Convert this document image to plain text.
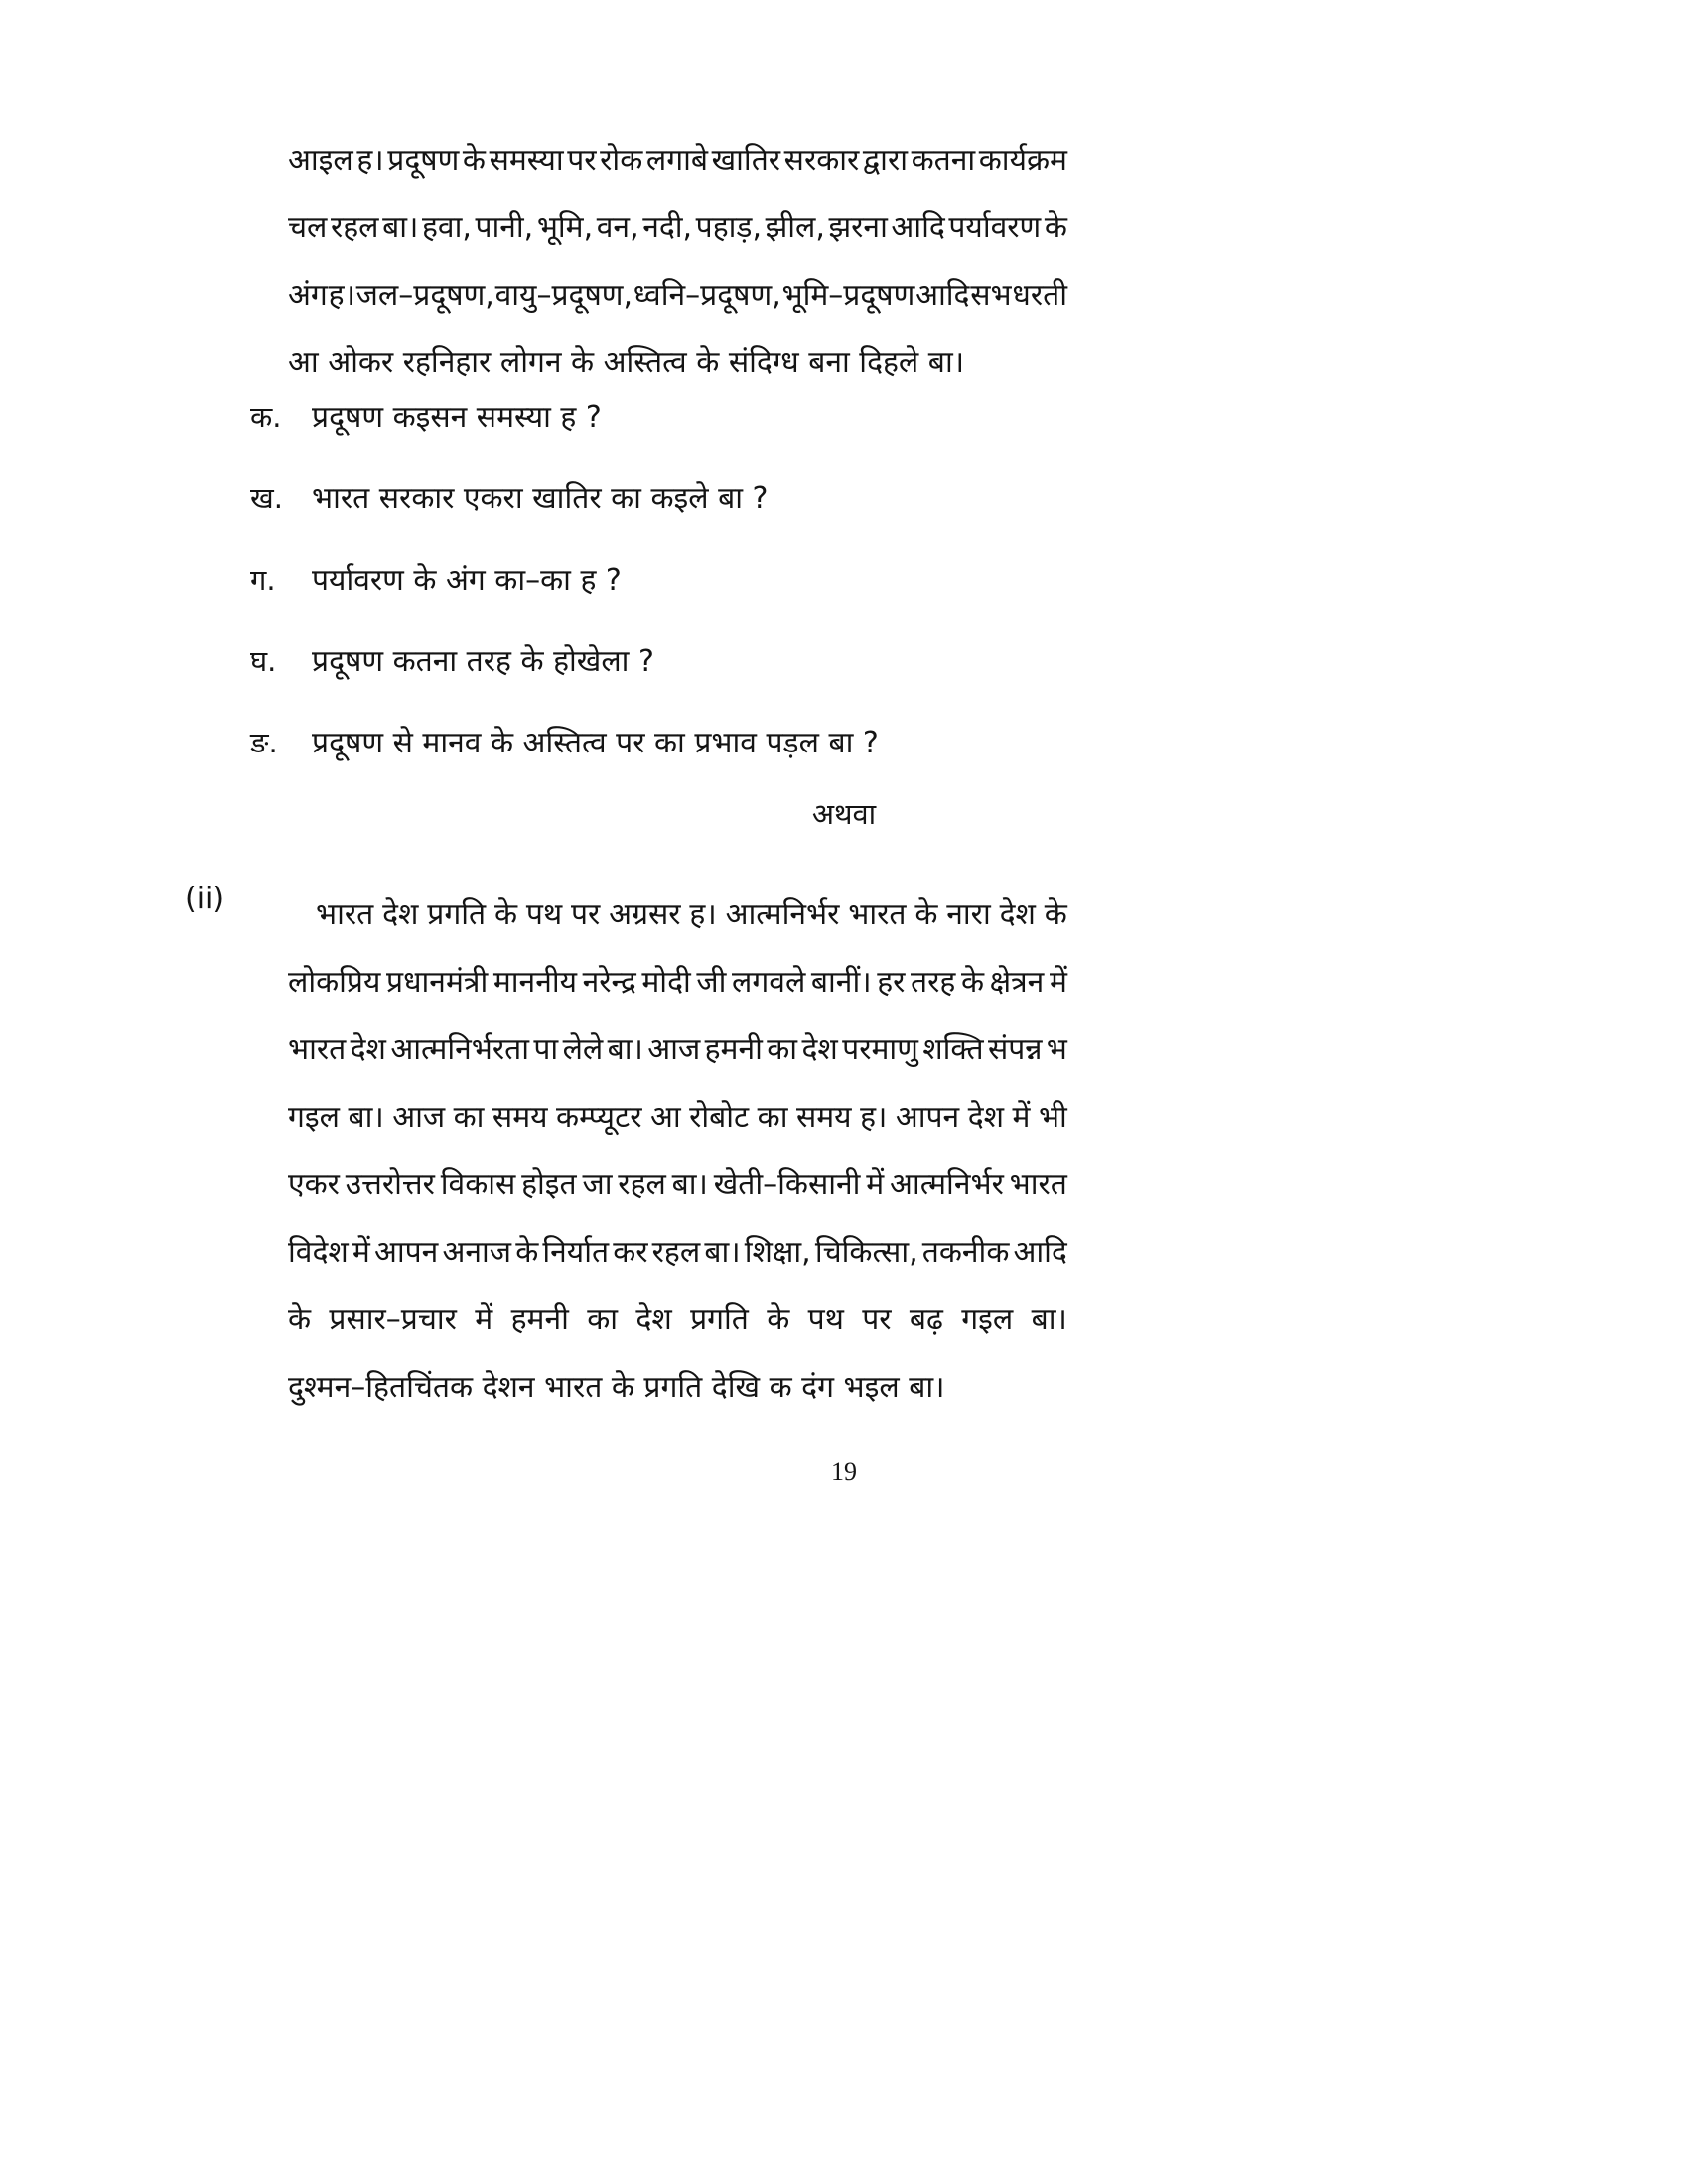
आइल ह। प्रदूषण के समस्या पर रोक लगाबे खातिर सरकार द्वारा कतना कार्यक्रम
चल रहल बा। हवा, पानी, भूमि, वन, नदी, पहाड़, झील, झरना आदि पर्यावरण के
अंग ह। जल–प्रदूषण, वायु–प्रदूषण, ध्वनि–प्रदूषण, भूमि–प्रदूषण आदि सभ धरती
आ ओकर रहनिहार लोगन के अस्तित्व के संदिग्ध बना दिहले बा।
क.	प्रदूषण कइसन समस्या ह ?
ख. भारत सरकार एकरा खातिर का कइले बा ?
ग.	पर्यावरण के अंग का–का ह ?
घ.	प्रदूषण कतना तरह के होखेला ?
ङ.	प्रदूषण से मानव के अस्तित्व पर का प्रभाव पड़ल बा ?
अथवा
(ii)	भारत देश प्रगति के पथ पर अग्रसर ह। आत्मनिर्भर भारत के नारा देश के
लोकप्रिय प्रधानमंत्री माननीय नरेन्द्र मोदी जी लगवले बानीं। हर तरह के क्षेत्रन में
भारत देश आत्मनिर्भरता पा लेले बा। आज हमनी का देश परमाणु शक्ति संपन्न भ
गइल बा। आज का समय कम्प्यूटर आ रोबोट का समय ह। आपन देश में भी
एकर उत्तरोत्तर विकास होइत जा रहल बा। खेती–किसानी में आत्मनिर्भर भारत
विदेश में आपन अनाज के निर्यात कर रहल बा। शिक्षा, चिकित्सा, तकनीक आदि
के प्रसार–प्रचार में हमनी का देश प्रगति के पथ पर बढ़ गइल बा।
दुश्मन–हितचिंतक देशन भारत के प्रगति देखि क दंग भइल बा।
19
